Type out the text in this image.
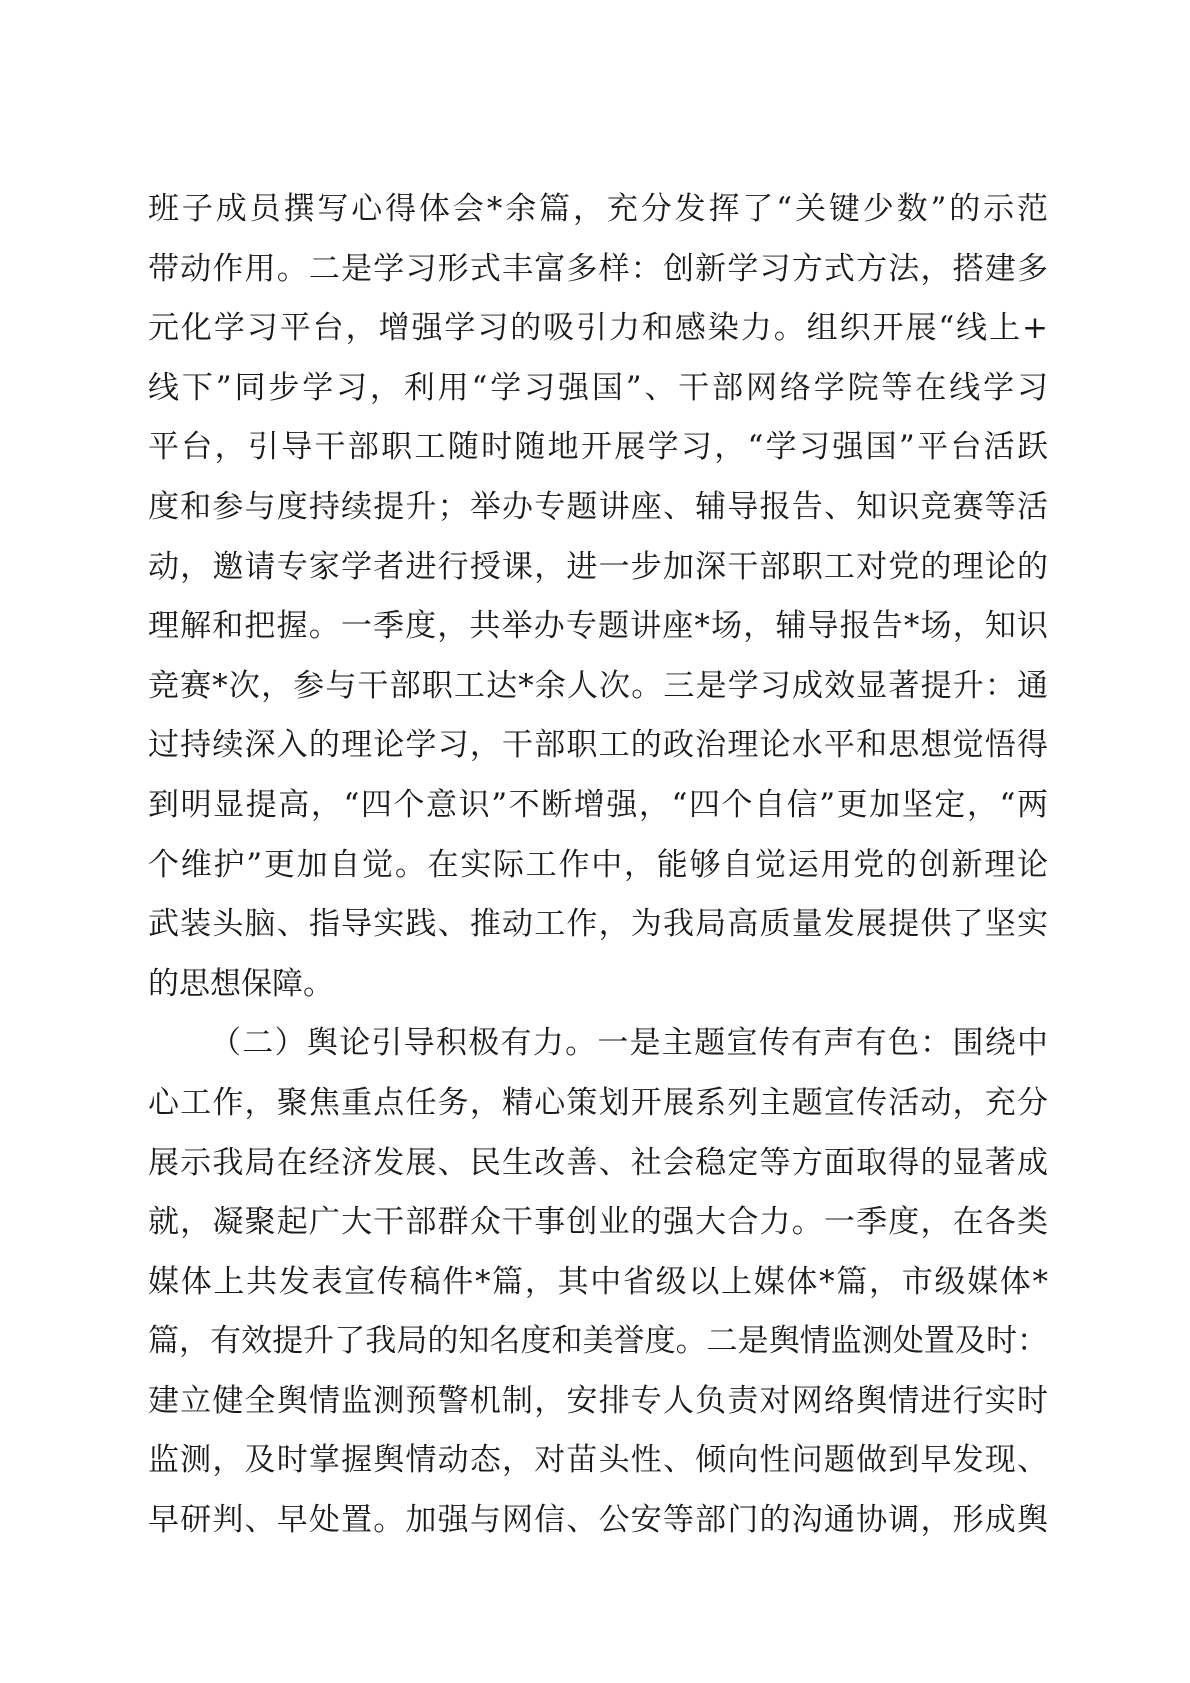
班子成员撰写心得体会*余篇，充分发挥了“关键少数”的示范
带动作用。二是学习形式丰富多样：创新学习方式方法，搭建多
元化学习平台，增强学习的吸引力和感染力。组织开展“线上+
线下”同步学习，利用“学习强国”、干部网络学院等在线学习
平台，引导干部职工随时随地开展学习，“学习强国”平台活跃
度和参与度持续提升；举办专题讲座、辅导报告、知识竞赛等活
动，邀请专家学者进行授课，进一步加深干部职工对党的理论的
理解和把握。一季度，共举办专题讲座*场，辅导报告*场，知识
竞赛*次，参与干部职工达*余人次。三是学习成效显著提升：通
过持续深入的理论学习，干部职工的政治理论水平和思想觉悟得
到明显提高，“四个意识”不断增强，“四个自信”更加坚定，“两
个维护”更加自觉。在实际工作中，能够自觉运用党的创新理论
武装头脑、指导实践、推动工作，为我局高质量发展提供了坚实
的思想保障。
（二）舆论引导积极有力。一是主题宣传有声有色：围绕中
心工作，聚焦重点任务，精心策划开展系列主题宣传活动，充分
展示我局在经济发展、民生改善、社会稳定等方面取得的显著成
就，凝聚起广大干部群众干事创业的强大合力。一季度，在各类
媒体上共发表宣传稿件*篇，其中省级以上媒体*篇，市级媒体*
篇，有效提升了我局的知名度和美誉度。二是舆情监测处置及时：
建立健全舆情监测预警机制，安排专人负责对网络舆情进行实时
监测，及时掌握舆情动态，对苗头性、倾向性问题做到早发现、
早研判、早处置。加强与网信、公安等部门的沟通协调，形成舆
